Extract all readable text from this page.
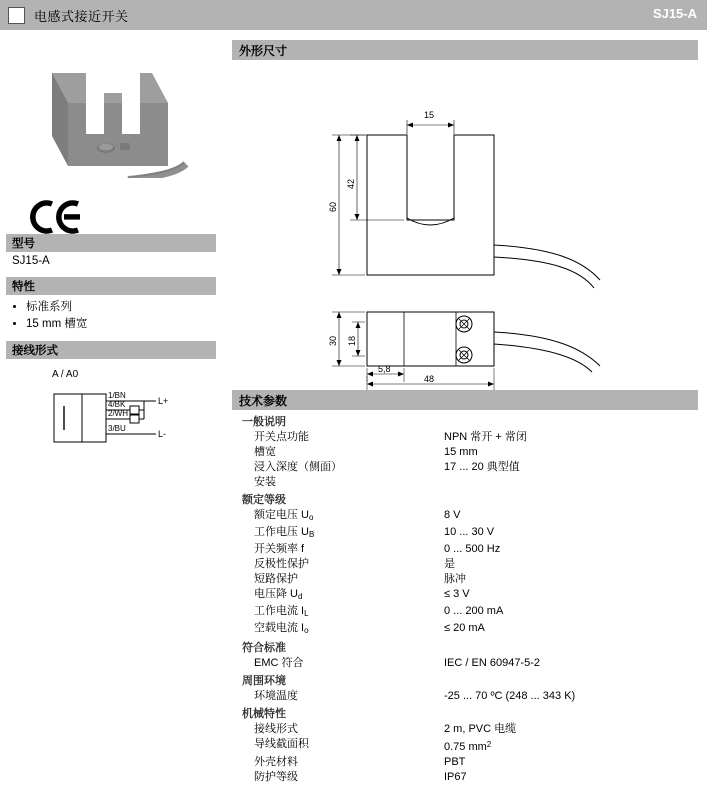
电感式接近开关	SJ15-A
型号
SJ15-A
特性
• 标准系列
• 15 mm 槽宽
接线形式
A / A0
1/BN
4/BK
2/WH
3/BU
L+
L-
外形尺寸
15
42
60
18
30
5,8
48
技术参数
一般说明
开关点功能	NPN 常开 + 常闭
槽宽	15 mm
浸入深度（侧面）	17 ... 20 典型值
安装
额定等级
额定电压 $U_o$	8 V
工作电压 $U_B$	10 ... 30 V
开关频率 f	0 ... 500 Hz
反极性保护	是
短路保护	脉冲
电压降 $U_d$	≤ 3 V
工作电流 $I_L$	0 ... 200 mA
空载电流 $I_o$	≤ 20 mA
符合标准
EMC 符合	IEC / EN 60947-5-2
周围环境
环境温度	-25 ... 70 ºC (248 ... 343 K)
机械特性
接线形式	2 m, PVC 电缆
导线截面积	0.75 $mm^2$
外壳材料	PBT
防护等级	IP67
